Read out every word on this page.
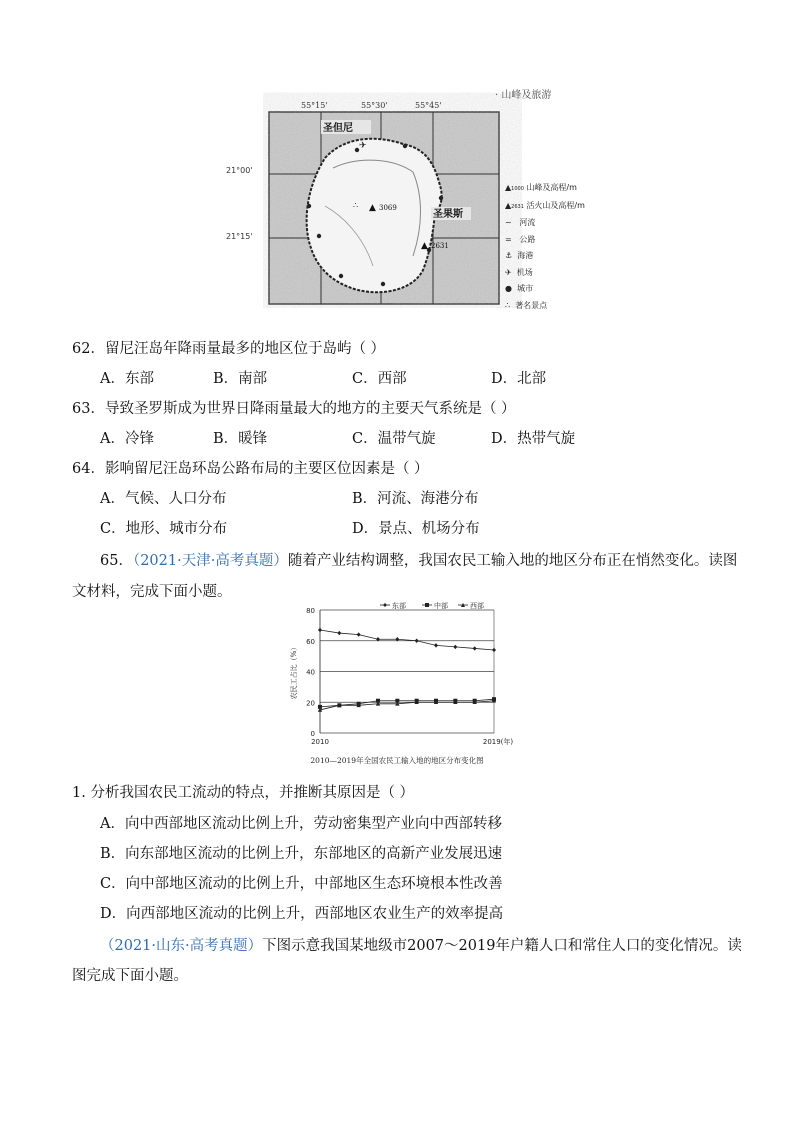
· 山峰及旅游
圣但尼
圣果斯
✈
▲ 3069
▲ 2631
∴
55°15'	55°30'	55°45'
21°00'
21°15'
▲1000 山峰及高程/m
▲2631 活火山及高程/m
~ 河流
= 公路
⚓ 海港
✈ 机场
● 城市
∴ 著名景点
62．留尼汪岛年降雨量最多的地区位于岛屿（ ）
A．东部	B．南部	C．西部	D．北部
63．导致圣罗斯成为世界日降雨量最大的地方的主要天气系统是（ ）
A．冷锋	B．暖锋	C．温带气旋	D．热带气旋
64．影响留尼汪岛环岛公路布局的主要区位因素是（ ）
A．气候、人口分布	B．河流、海港分布
C．地形、城市分布	D．景点、机场分布
65．（2021·天津·高考真题）随着产业结构调整，我国农民工输入地的地区分布正在悄然变化。读图
文材料，完成下面小题。
0
20
40
60
80
2010	2019(年)
农民工占比（%）
东部	中部	西部
2010—2019年全国农民工输入地的地区分布变化图
1. 分析我国农民工流动的特点，并推断其原因是（ ）
A．向中西部地区流动比例上升，劳动密集型产业向中西部转移
B．向东部地区流动的比例上升，东部地区的高新产业发展迅速
C．向中部地区流动的比例上升，中部地区生态环境根本性改善
D．向西部地区流动的比例上升，西部地区农业生产的效率提高
（2021·山东·高考真题）下图示意我国某地级市2007～2019年户籍人口和常住人口的变化情况。读
图完成下面小题。
